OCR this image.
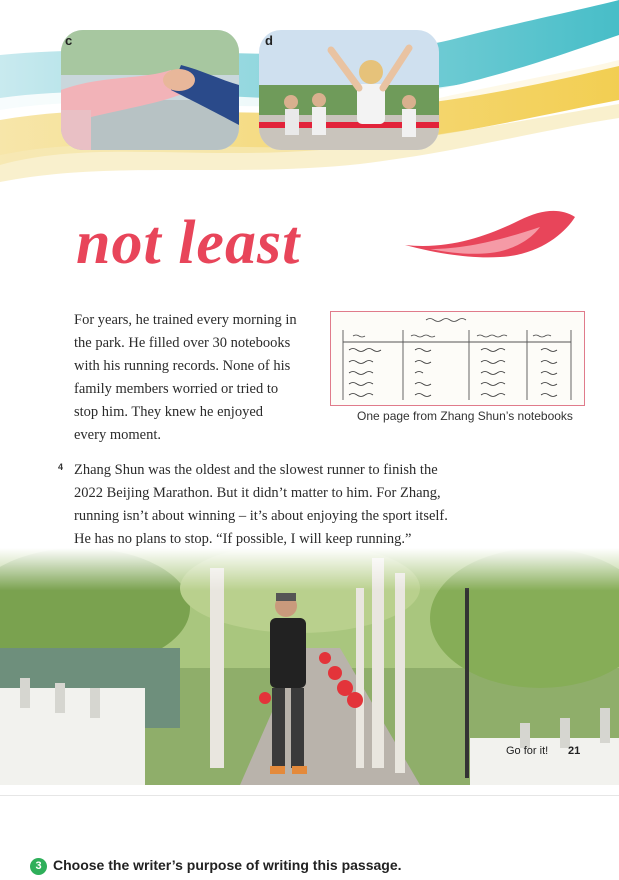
c	d
not least
For years, he trained every morning in
the park. He filled over 30 notebooks
with his running records. None of his
family members worried or tried to
stop him. They knew he enjoyed
every moment.
One page from Zhang Shun’s notebooks
4 Zhang Shun was the oldest and the slowest runner to finish the
2022 Beijing Marathon. But it didn’t matter to him. For Zhang,
running isn’t about winning – it’s about enjoying the sport itself.
He has no plans to stop. “If possible, I will keep running.”
Go for it! 21
3 Choose the writer’s purpose of writing this passage.
